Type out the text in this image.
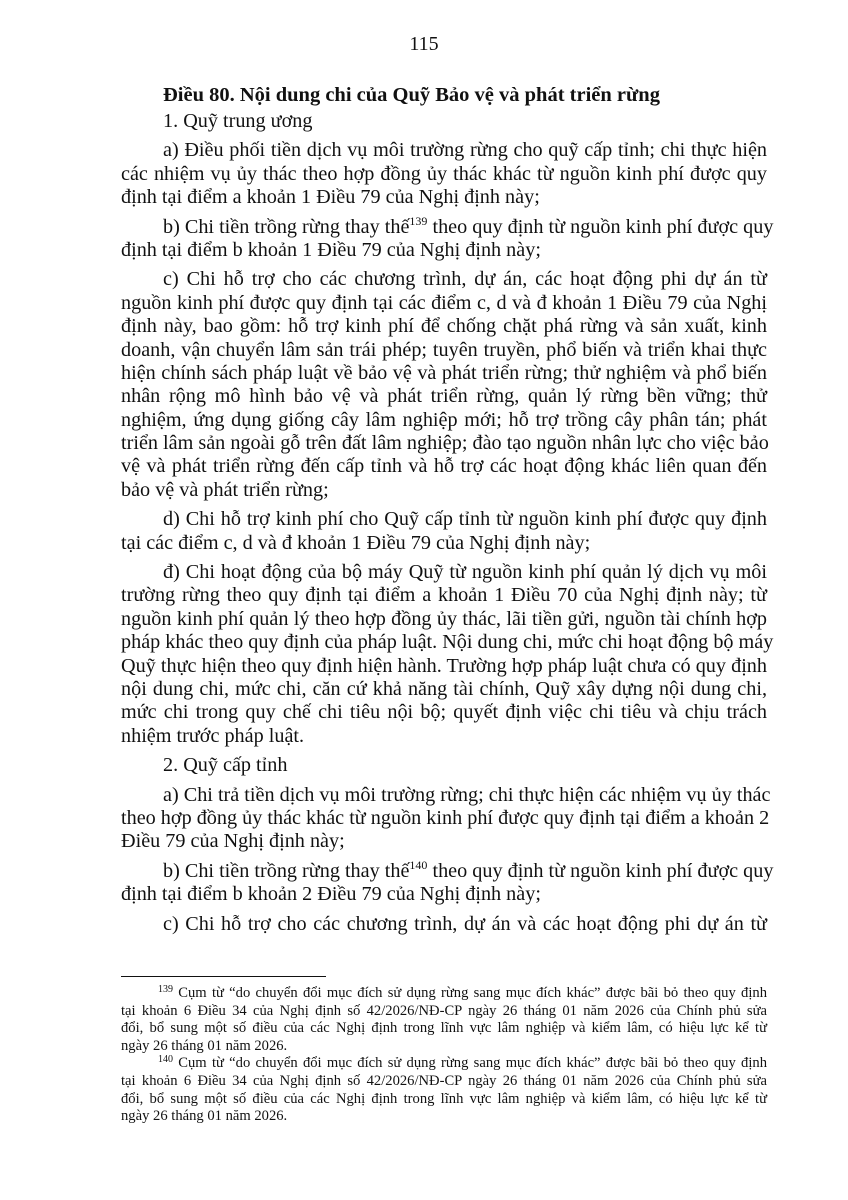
115
Điều 80. Nội dung chi của Quỹ Bảo vệ và phát triển rừng
1. Quỹ trung ương
a) Điều phối tiền dịch vụ môi trường rừng cho quỹ cấp tỉnh; chi thực hiện
các nhiệm vụ ủy thác theo hợp đồng ủy thác khác từ nguồn kinh phí được quy
định tại điểm a khoản 1 Điều 79 của Nghị định này;
b) Chi tiền trồng rừng thay thế$^{139}$ theo quy định từ nguồn kinh phí được quy
định tại điểm b khoản 1 Điều 79 của Nghị định này;
c) Chi hỗ trợ cho các chương trình, dự án, các hoạt động phi dự án từ
nguồn kinh phí được quy định tại các điểm c, d và đ khoản 1 Điều 79 của Nghị
định này, bao gồm: hỗ trợ kinh phí để chống chặt phá rừng và sản xuất, kinh
doanh, vận chuyển lâm sản trái phép; tuyên truyền, phổ biến và triển khai thực
hiện chính sách pháp luật về bảo vệ và phát triển rừng; thử nghiệm và phổ biến
nhân rộng mô hình bảo vệ và phát triển rừng, quản lý rừng bền vững; thử
nghiệm, ứng dụng giống cây lâm nghiệp mới; hỗ trợ trồng cây phân tán; phát
triển lâm sản ngoài gỗ trên đất lâm nghiệp; đào tạo nguồn nhân lực cho việc bảo
vệ và phát triển rừng đến cấp tỉnh và hỗ trợ các hoạt động khác liên quan đến
bảo vệ và phát triển rừng;
d) Chi hỗ trợ kinh phí cho Quỹ cấp tỉnh từ nguồn kinh phí được quy định
tại các điểm c, d và đ khoản 1 Điều 79 của Nghị định này;
đ) Chi hoạt động của bộ máy Quỹ từ nguồn kinh phí quản lý dịch vụ môi
trường rừng theo quy định tại điểm a khoản 1 Điều 70 của Nghị định này; từ
nguồn kinh phí quản lý theo hợp đồng ủy thác, lãi tiền gửi, nguồn tài chính hợp
pháp khác theo quy định của pháp luật. Nội dung chi, mức chi hoạt động bộ máy
Quỹ thực hiện theo quy định hiện hành. Trường hợp pháp luật chưa có quy định
nội dung chi, mức chi, căn cứ khả năng tài chính, Quỹ xây dựng nội dung chi,
mức chi trong quy chế chi tiêu nội bộ; quyết định việc chi tiêu và chịu trách
nhiệm trước pháp luật.
2. Quỹ cấp tỉnh
a) Chi trả tiền dịch vụ môi trường rừng; chi thực hiện các nhiệm vụ ủy thác
theo hợp đồng ủy thác khác từ nguồn kinh phí được quy định tại điểm a khoản 2
Điều 79 của Nghị định này;
b) Chi tiền trồng rừng thay thế$^{140}$ theo quy định từ nguồn kinh phí được quy
định tại điểm b khoản 2 Điều 79 của Nghị định này;
c) Chi hỗ trợ cho các chương trình, dự án và các hoạt động phi dự án từ
$^{139}$ Cụm từ “do chuyển đổi mục đích sử dụng rừng sang mục đích khác” được bãi bỏ theo quy định
tại khoản 6 Điều 34 của Nghị định số 42/2026/NĐ-CP ngày 26 tháng 01 năm 2026 của Chính phủ sửa
đổi, bổ sung một số điều của các Nghị định trong lĩnh vực lâm nghiệp và kiểm lâm, có hiệu lực kể từ
ngày 26 tháng 01 năm 2026.
$^{140}$ Cụm từ “do chuyển đổi mục đích sử dụng rừng sang mục đích khác” được bãi bỏ theo quy định
tại khoản 6 Điều 34 của Nghị định số 42/2026/NĐ-CP ngày 26 tháng 01 năm 2026 của Chính phủ sửa
đổi, bổ sung một số điều của các Nghị định trong lĩnh vực lâm nghiệp và kiểm lâm, có hiệu lực kể từ
ngày 26 tháng 01 năm 2026.
